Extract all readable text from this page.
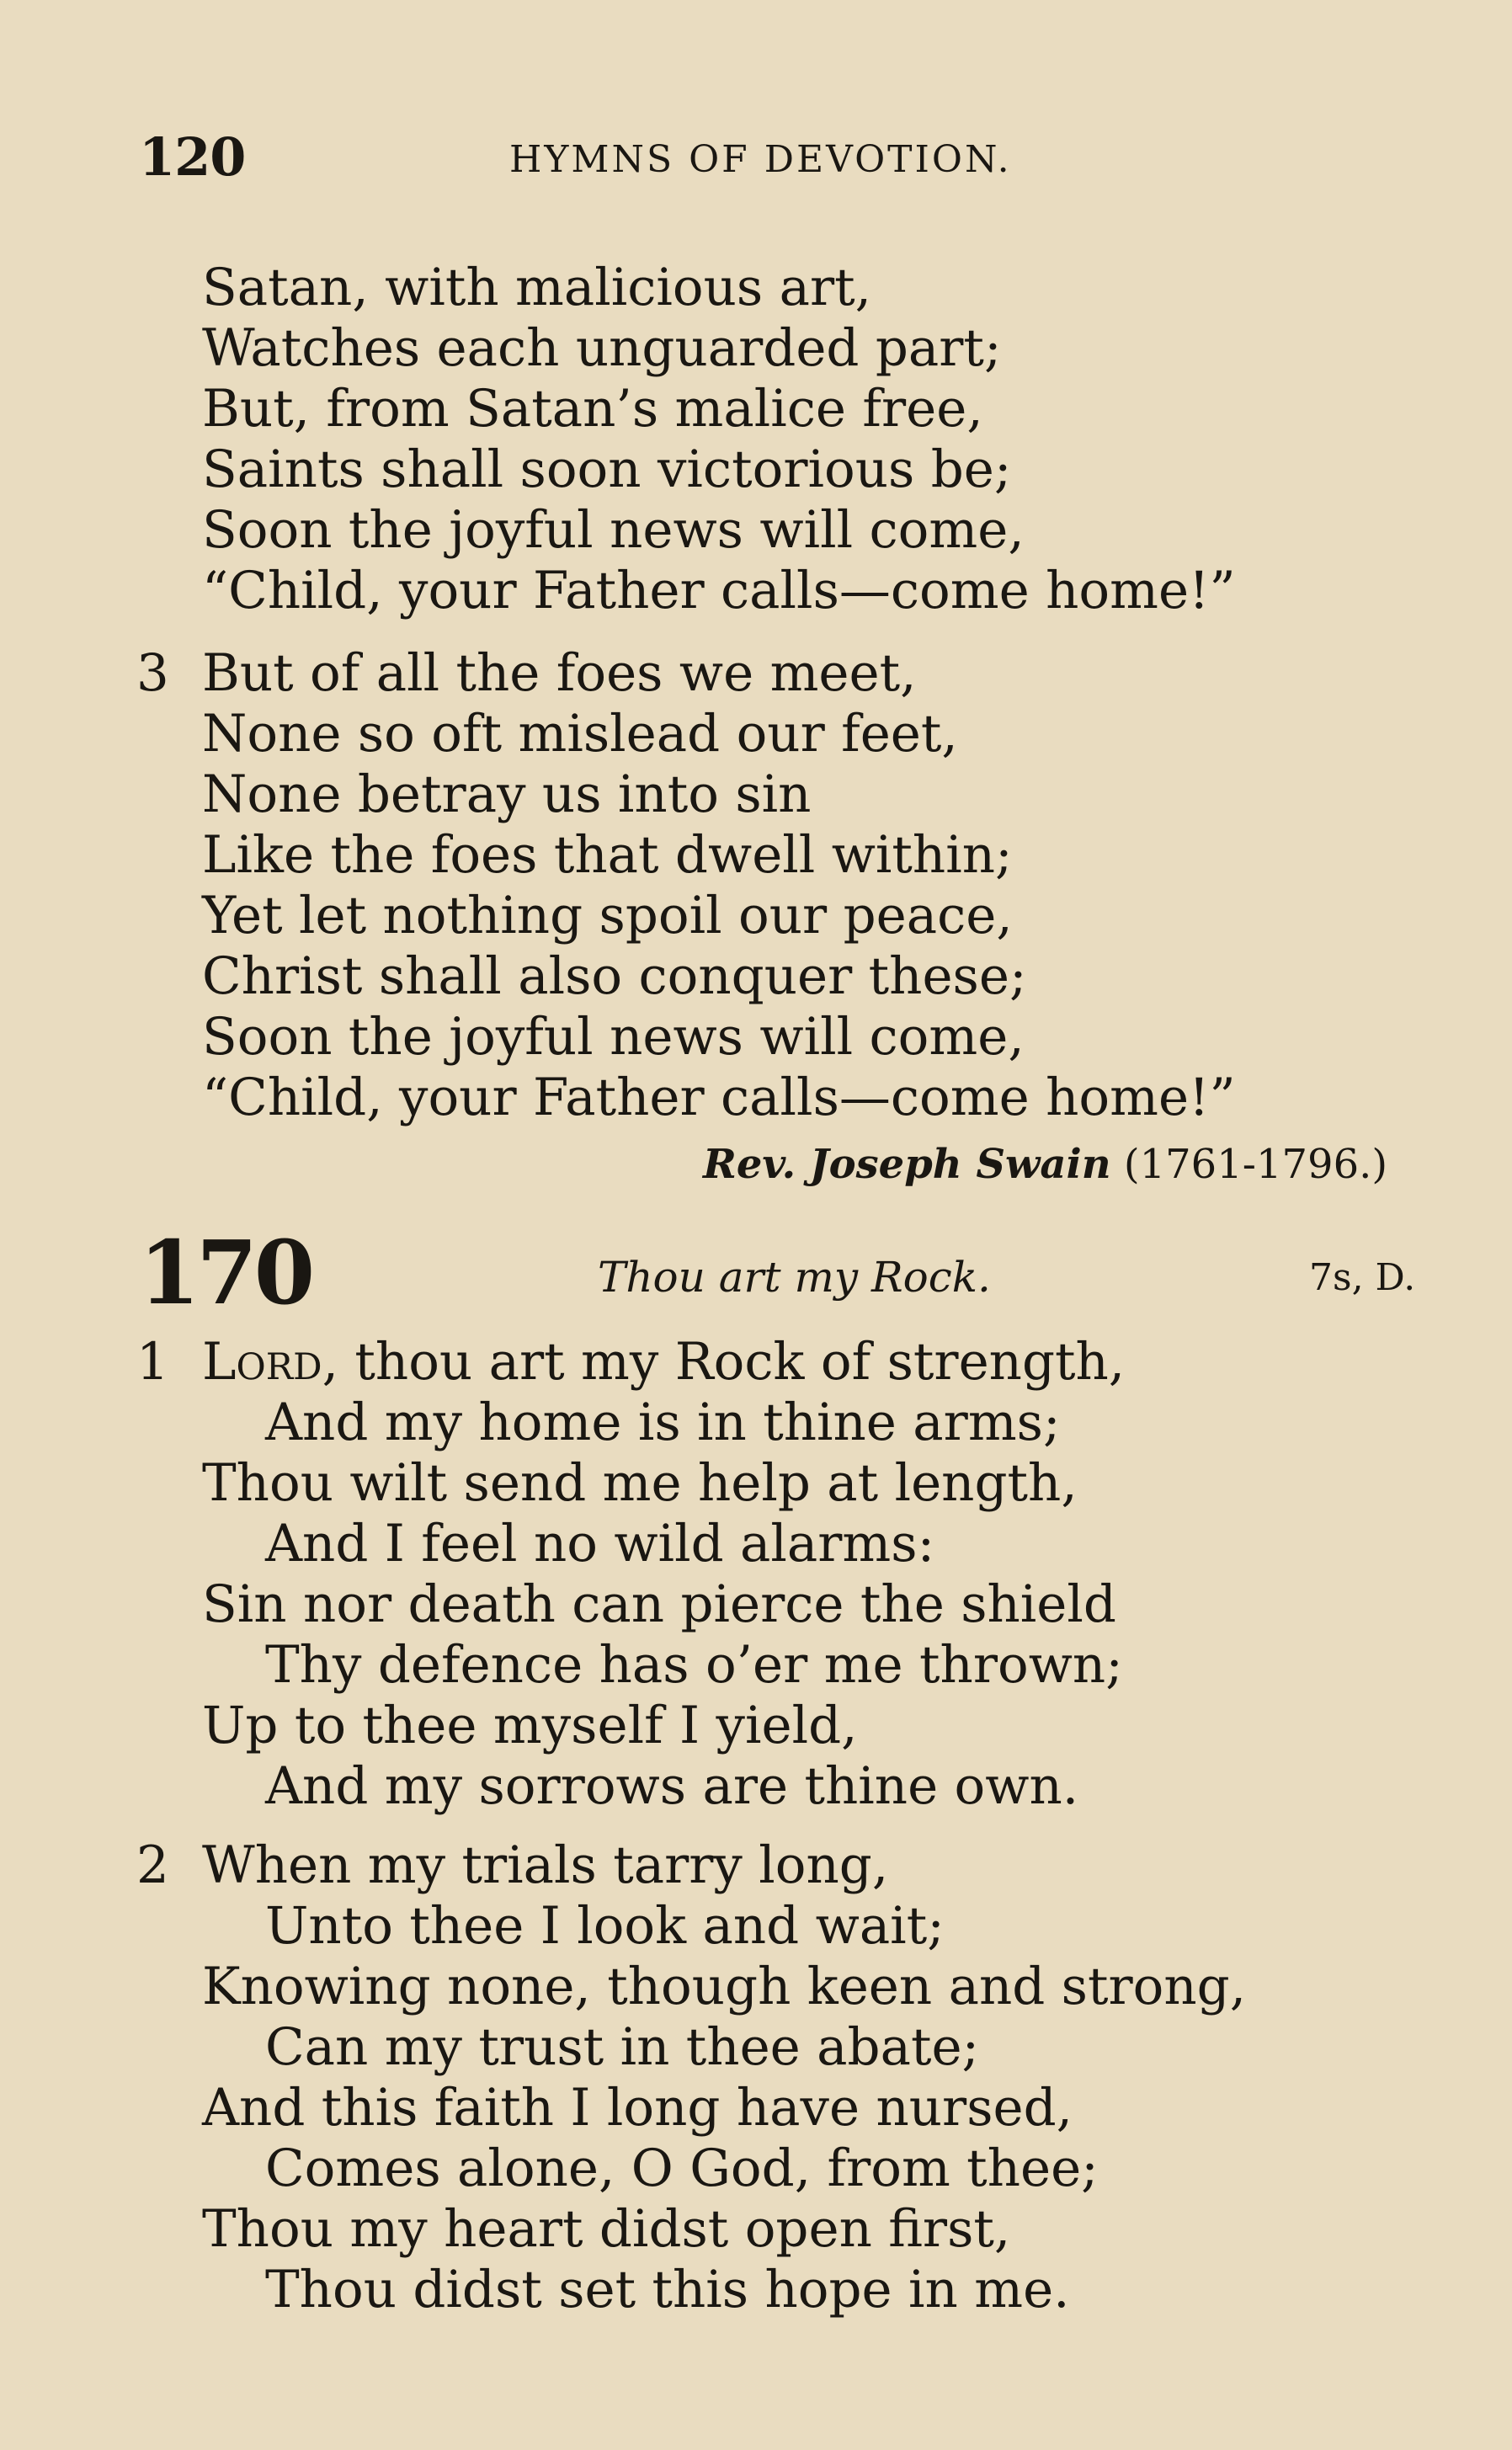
120	HYMNS OF DEVOTION.
Satan, with malicious art,
Watches each unguarded part;
But, from Satan’s malice free,
Saints shall soon victorious be;
Soon the joyful news will come,
“Child, your Father calls—come home!”
3 But of all the foes we meet,
None so oft mislead our feet,
None betray us into sin
Like the foes that dwell within;
Yet let nothing spoil our peace,
Christ shall also conquer these;
Soon the joyful news will come,
“Child, your Father calls—come home!”
Rev. Joseph Swain (1761-1796.)
170	Thou art my Rock.	7s, D.
1 Lord, thou art my Rock of strength,
And my home is in thine arms;
Thou wilt send me help at length,
And I feel no wild alarms:
Sin nor death can pierce the shield
Thy defence has o’er me thrown;
Up to thee myself I yield,
And my sorrows are thine own.
2 When my trials tarry long,
Unto thee I look and wait;
Knowing none, though keen and strong,
Can my trust in thee abate;
And this faith I long have nursed,
Comes alone, O God, from thee;
Thou my heart didst open first,
Thou didst set this hope in me.
